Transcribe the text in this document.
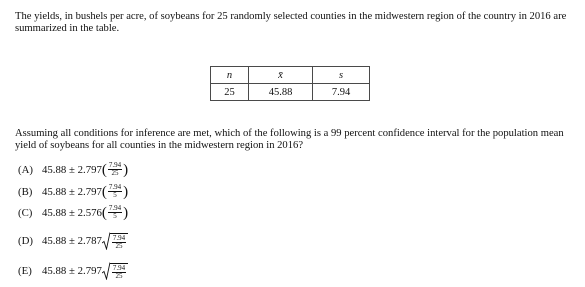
The yields, in bushels per acre, of soybeans for 25 randomly selected counties in the midwestern region of the country in 2016 are summarized in the table.
n	x̄	s
25	45.88	7.94
Assuming all conditions for inference are met, which of the following is a 99 percent confidence interval for the population mean yield of soybeans for all counties in the midwestern region in 2016?
(A) 45.88 ± 2.797 ( $\frac{7.94}{25}$ )
(B) 45.88 ± 2.797 ( $\frac{7.94}{5}$ )
(C) 45.88 ± 2.576 ( $\frac{7.94}{5}$ )
(D) $45.88 \pm 2.787 \frac{7.94}{25}$
(E) $45.88 \pm 2.797 \frac{7.94}{25}$
